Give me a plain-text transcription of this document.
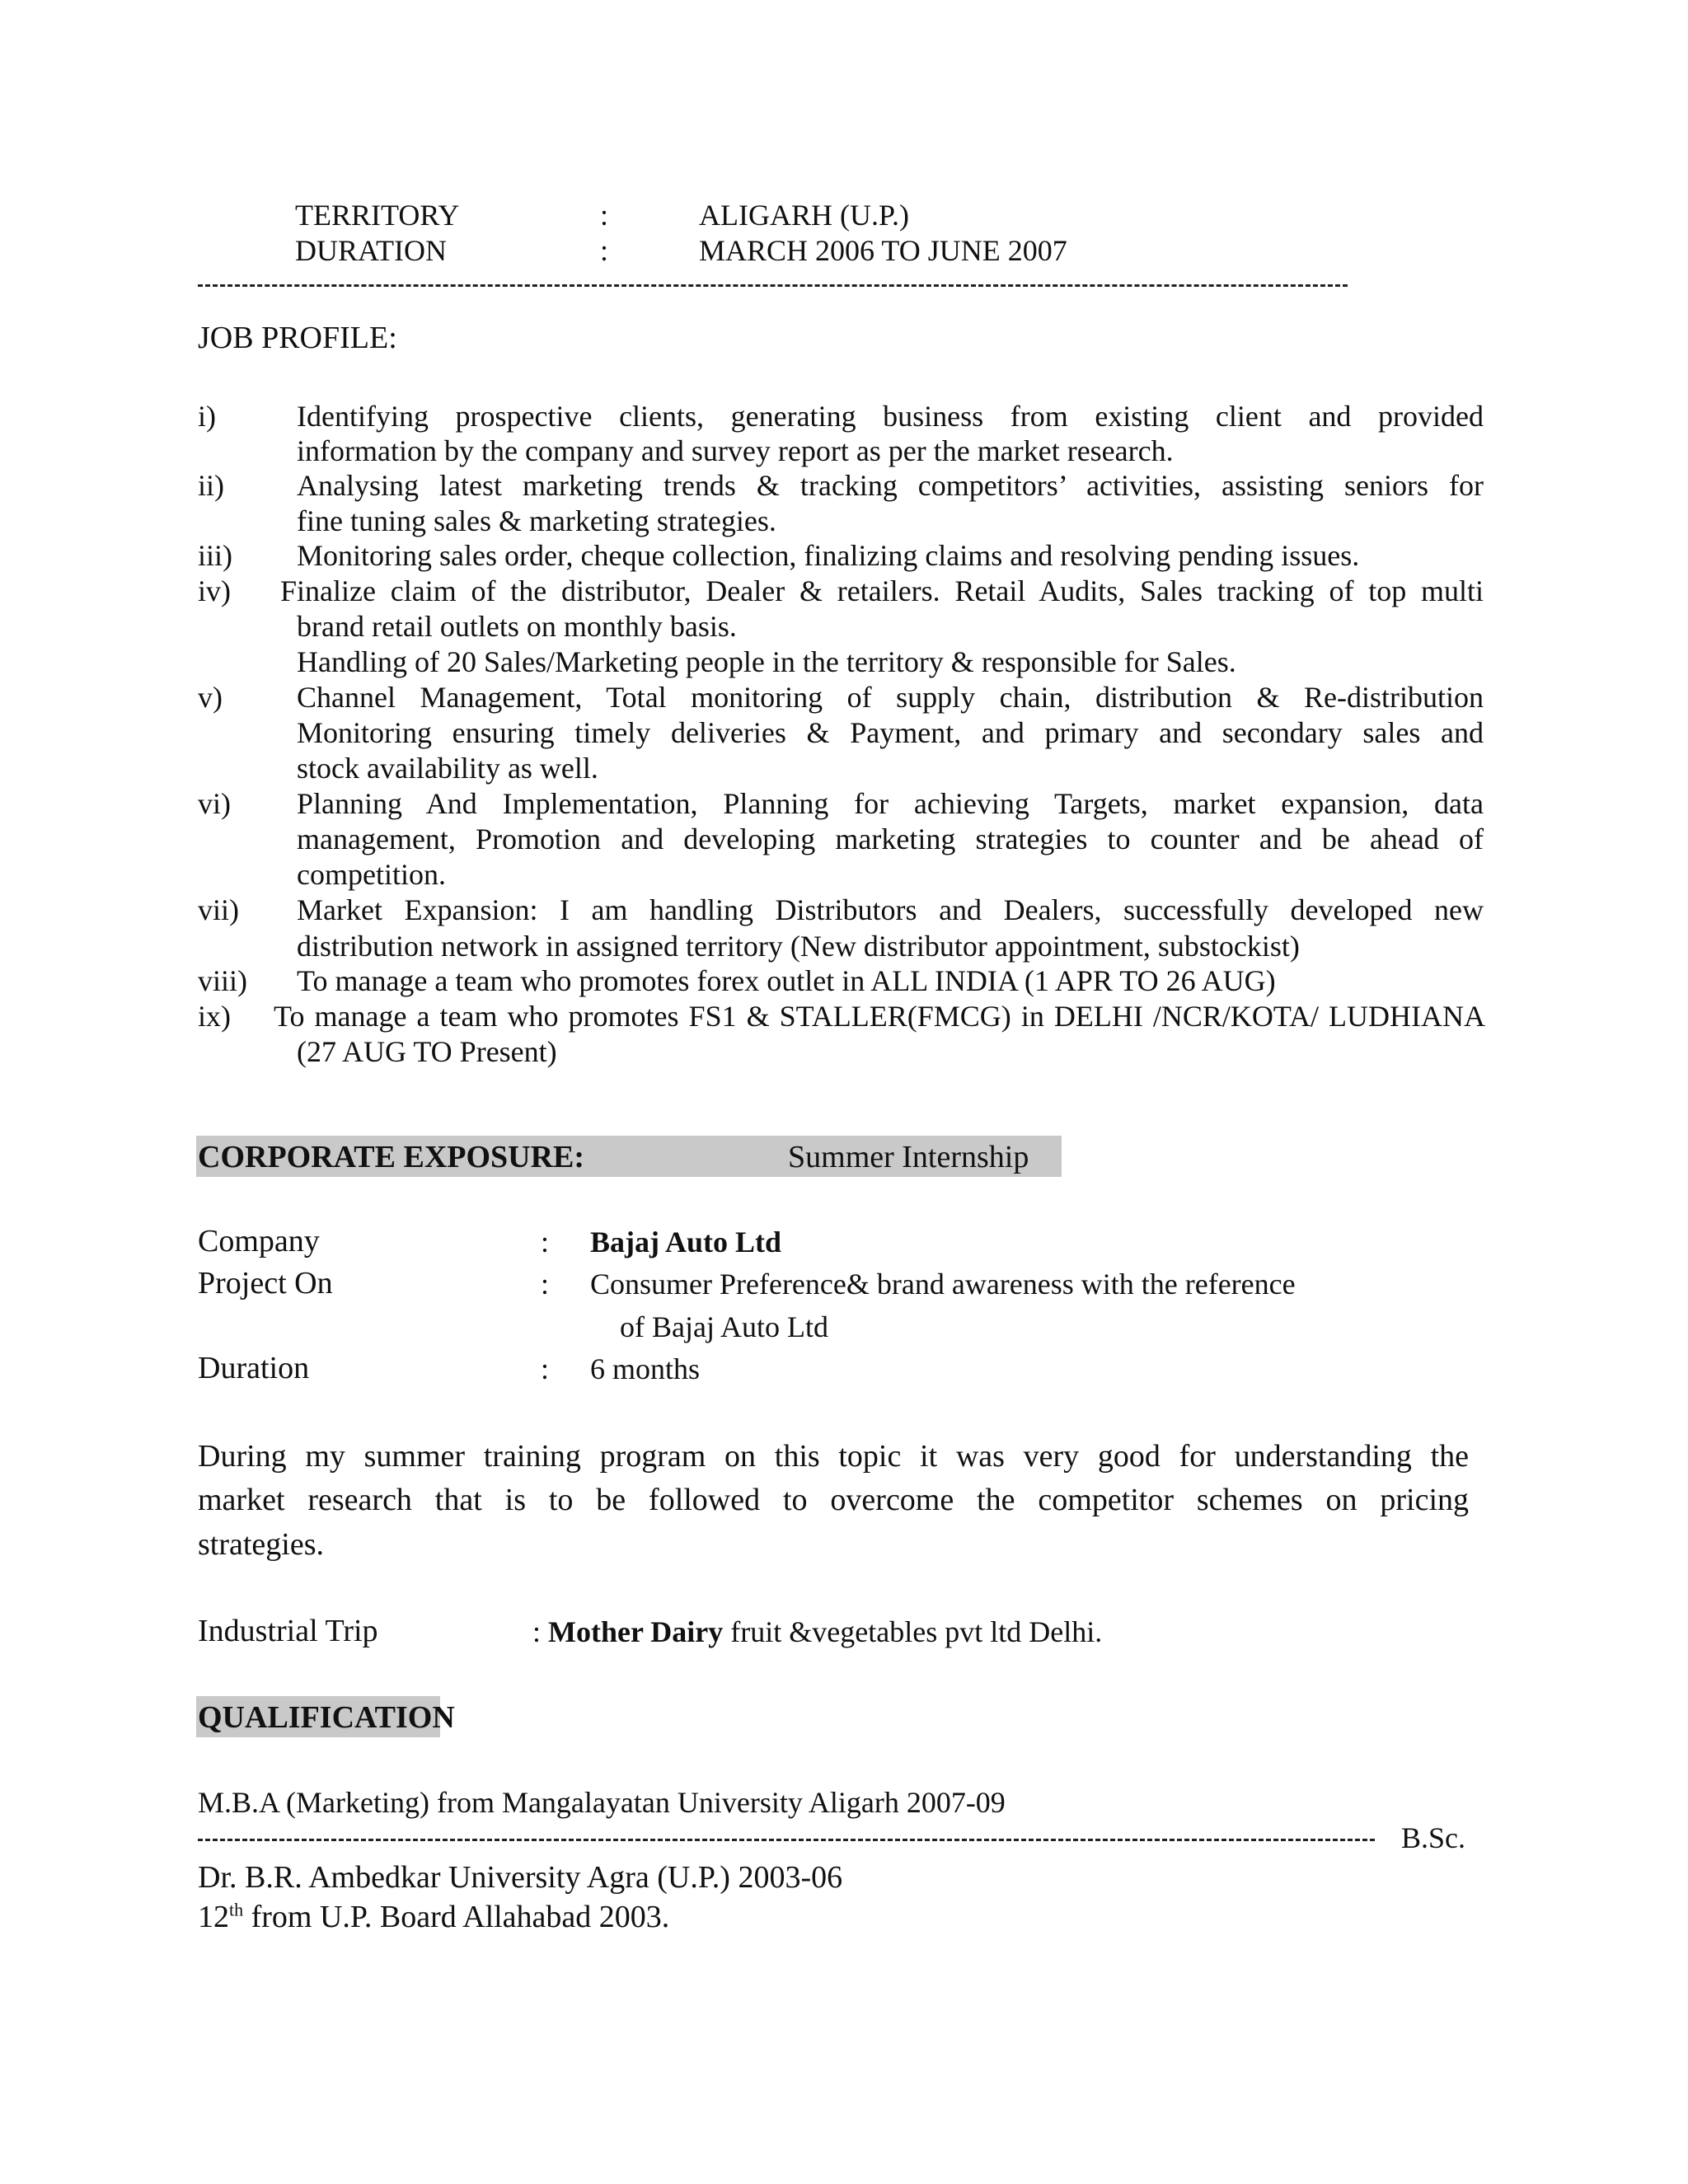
TERRITORY	:	ALIGARH (U.P.)
DURATION	:	MARCH 2006 TO JUNE 2007
JOB PROFILE:
i)	Identifying prospective clients, generating business from existing client and provided
information by the company and survey report as per the market research.
ii) Analysing latest marketing trends & tracking competitors’ activities, assisting seniors for
fine tuning sales & marketing strategies.
iii) Monitoring sales order, cheque collection, finalizing claims and resolving pending issues.
iv) Finalize claim of the distributor, Dealer & retailers. Retail Audits, Sales tracking of top multi
brand retail outlets on monthly basis.
Handling of 20 Sales/Marketing people in the territory & responsible for Sales.
v)	Channel Management, Total monitoring of supply chain, distribution & Re-distribution
Monitoring ensuring timely deliveries & Payment, and primary and secondary sales and
stock availability as well.
vi) Planning And Implementation, Planning for achieving Targets, market expansion, data
management, Promotion and developing marketing strategies to counter and be ahead of
competition.
vii) Market Expansion: I am handling Distributors and Dealers, successfully developed new
distribution network in assigned territory (New distributor appointment, substockist)
viii) To manage a team who promotes forex outlet in ALL INDIA (1 APR TO 26 AUG)
ix) To manage a team who promotes FS1 & STALLER(FMCG) in DELHI /NCR/KOTA/ LUDHIANA
(27 AUG TO Present)
CORPORATE EXPOSURE:	Summer Internship
Company	: Bajaj Auto Ltd
Project On	: Consumer Preference& brand awareness with the reference
of Bajaj Auto Ltd
Duration	: 6 months
During my summer training program on this topic it was very good for understanding the
market research that is to be followed to overcome the competitor schemes on pricing
strategies.
Industrial Trip	: Mother Dairy fruit &vegetables pvt ltd Delhi.
QUALIFICATION
M.B.A (Marketing) from Mangalayatan University Aligarh 2007-09
B.Sc.
Dr. B.R. Ambedkar University Agra (U.P.) 2003-06
12th from U.P. Board Allahabad 2003.
